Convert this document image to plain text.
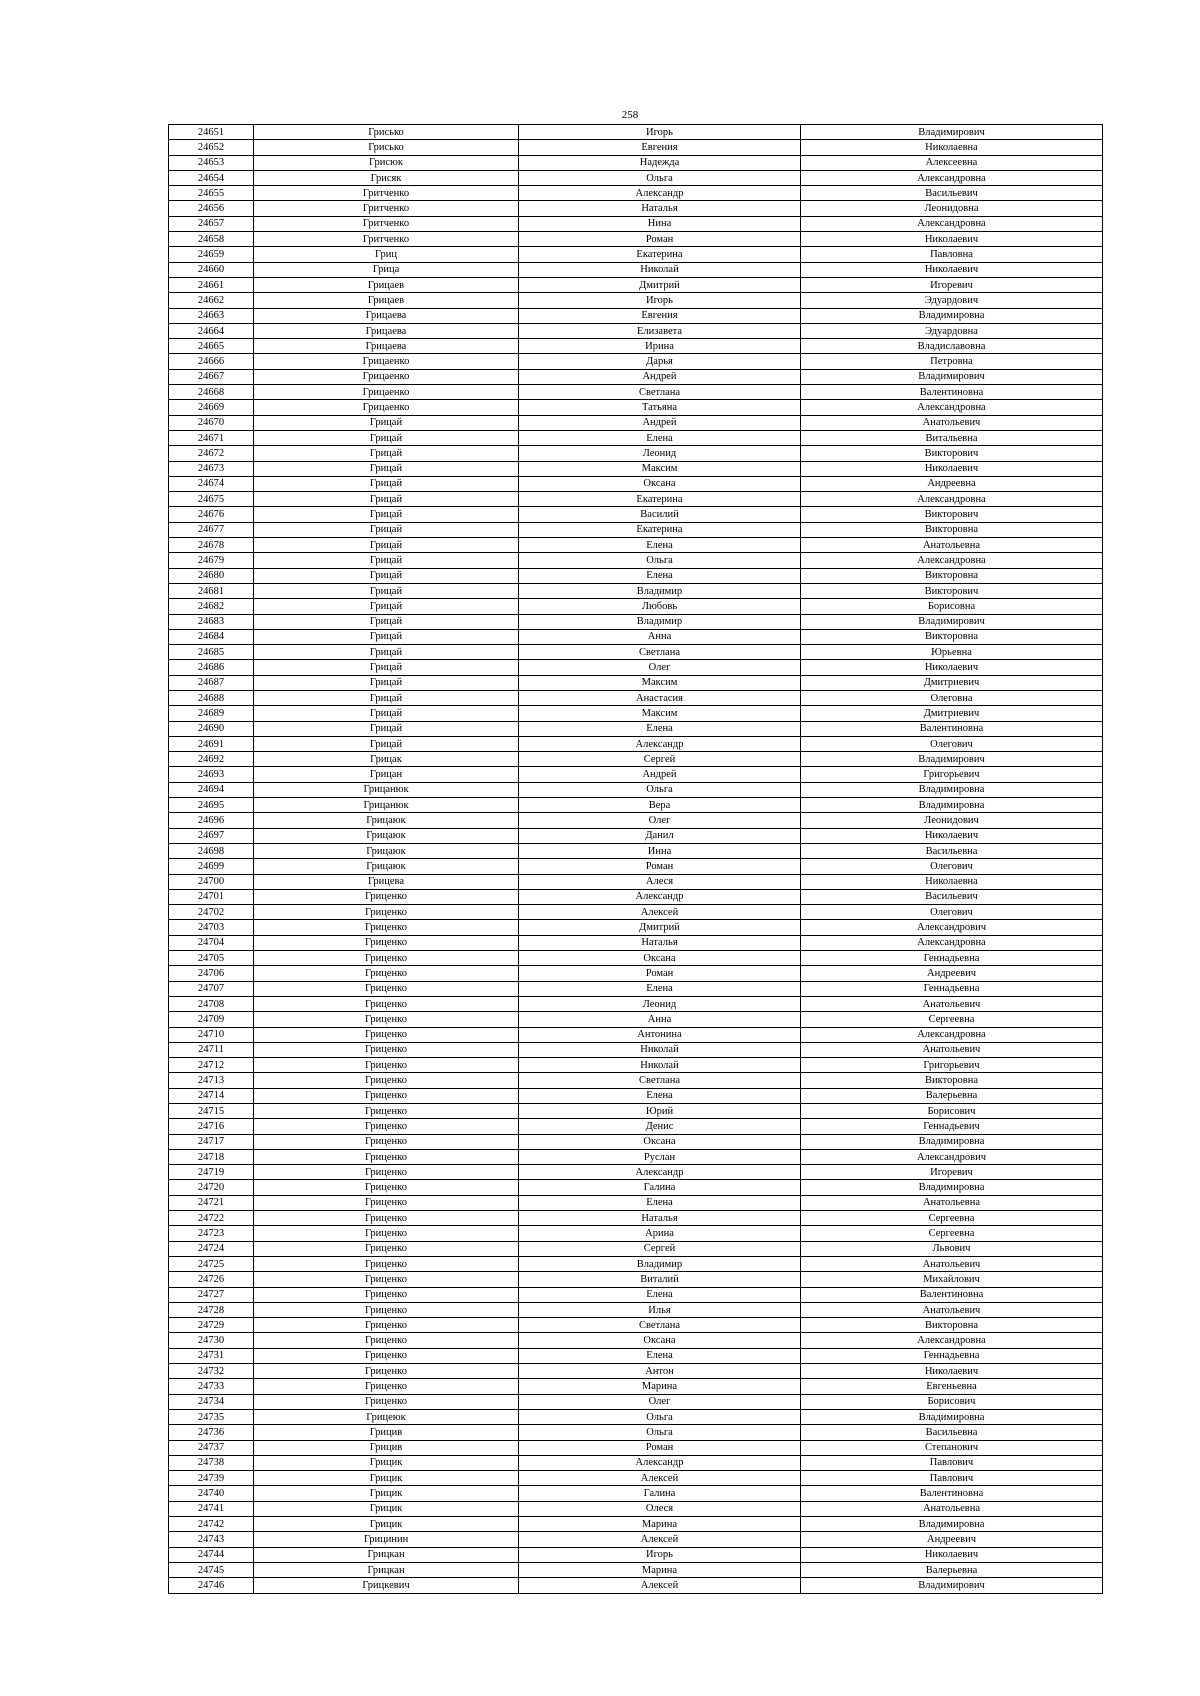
258
24651	Грисько	Игорь	Владимирович
24652	Грисько	Евгения	Николаевна
24653	Грисюк	Надежда	Алексеевна
24654	Грисяк	Ольга	Александровна
24655	Гритченко	Александр	Васильевич
24656	Гритченко	Наталья	Леонидовна
24657	Гритченко	Нина	Александровна
24658	Гритченко	Роман	Николаевич
24659	Гриц	Екатерина	Павловна
24660	Грица	Николай	Николаевич
24661	Грицаев	Дмитрий	Игоревич
24662	Грицаев	Игорь	Эдуардович
24663	Грицаева	Евгения	Владимировна
24664	Грицаева	Елизавета	Эдуардовна
24665	Грицаева	Ирина	Владиславовна
24666	Грицаенко	Дарья	Петровна
24667	Грицаенко	Андрей	Владимирович
24668	Грицаенко	Светлана	Валентиновна
24669	Грицаенко	Татьяна	Александровна
24670	Грицай	Андрей	Анатольевич
24671	Грицай	Елена	Витальевна
24672	Грицай	Леонид	Викторович
24673	Грицай	Максим	Николаевич
24674	Грицай	Оксана	Андреевна
24675	Грицай	Екатерина	Александровна
24676	Грицай	Василий	Викторович
24677	Грицай	Екатерина	Викторовна
24678	Грицай	Елена	Анатольевна
24679	Грицай	Ольга	Александровна
24680	Грицай	Елена	Викторовна
24681	Грицай	Владимир	Викторович
24682	Грицай	Любовь	Борисовна
24683	Грицай	Владимир	Владимирович
24684	Грицай	Анна	Викторовна
24685	Грицай	Светлана	Юрьевна
24686	Грицай	Олег	Николаевич
24687	Грицай	Максим	Дмитриевич
24688	Грицай	Анастасия	Олеговна
24689	Грицай	Максим	Дмитриевич
24690	Грицай	Елена	Валентиновна
24691	Грицай	Александр	Олегович
24692	Грицак	Сергей	Владимирович
24693	Грицан	Андрей	Григорьевич
24694	Грицанюк	Ольга	Владимировна
24695	Грицанюк	Вера	Владимировна
24696	Грицаюк	Олег	Леонидович
24697	Грицаюк	Данил	Николаевич
24698	Грицаюк	Инна	Васильевна
24699	Грицаюк	Роман	Олегович
24700	Грицева	Алеся	Николаевна
24701	Гриценко	Александр	Васильевич
24702	Гриценко	Алексей	Олегович
24703	Гриценко	Дмитрий	Александрович
24704	Гриценко	Наталья	Александровна
24705	Гриценко	Оксана	Геннадьевна
24706	Гриценко	Роман	Андреевич
24707	Гриценко	Елена	Геннадьевна
24708	Гриценко	Леонид	Анатольевич
24709	Гриценко	Анна	Сергеевна
24710	Гриценко	Антонина	Александровна
24711	Гриценко	Николай	Анатольевич
24712	Гриценко	Николай	Григорьевич
24713	Гриценко	Светлана	Викторовна
24714	Гриценко	Елена	Валерьевна
24715	Гриценко	Юрий	Борисович
24716	Гриценко	Денис	Геннадьевич
24717	Гриценко	Оксана	Владимировна
24718	Гриценко	Руслан	Александрович
24719	Гриценко	Александр	Игоревич
24720	Гриценко	Галина	Владимировна
24721	Гриценко	Елена	Анатольевна
24722	Гриценко	Наталья	Сергеевна
24723	Гриценко	Арина	Сергеевна
24724	Гриценко	Сергей	Львович
24725	Гриценко	Владимир	Анатольевич
24726	Гриценко	Виталий	Михайлович
24727	Гриценко	Елена	Валентиновна
24728	Гриценко	Илья	Анатольевич
24729	Гриценко	Светлана	Викторовна
24730	Гриценко	Оксана	Александровна
24731	Гриценко	Елена	Геннадьевна
24732	Гриценко	Антон	Николаевич
24733	Гриценко	Марина	Евгеньевна
24734	Гриценко	Олег	Борисович
24735	Грицеюк	Ольга	Владимировна
24736	Грицив	Ольга	Васильевна
24737	Грицив	Роман	Степанович
24738	Грицик	Александр	Павлович
24739	Грицик	Алексей	Павлович
24740	Грицик	Галина	Валентиновна
24741	Грицик	Олеся	Анатольевна
24742	Грицик	Марина	Владимировна
24743	Грицинин	Алексей	Андреевич
24744	Грицкан	Игорь	Николаевич
24745	Грицкан	Марина	Валерьевна
24746	Грицкевич	Алексей	Владимирович
